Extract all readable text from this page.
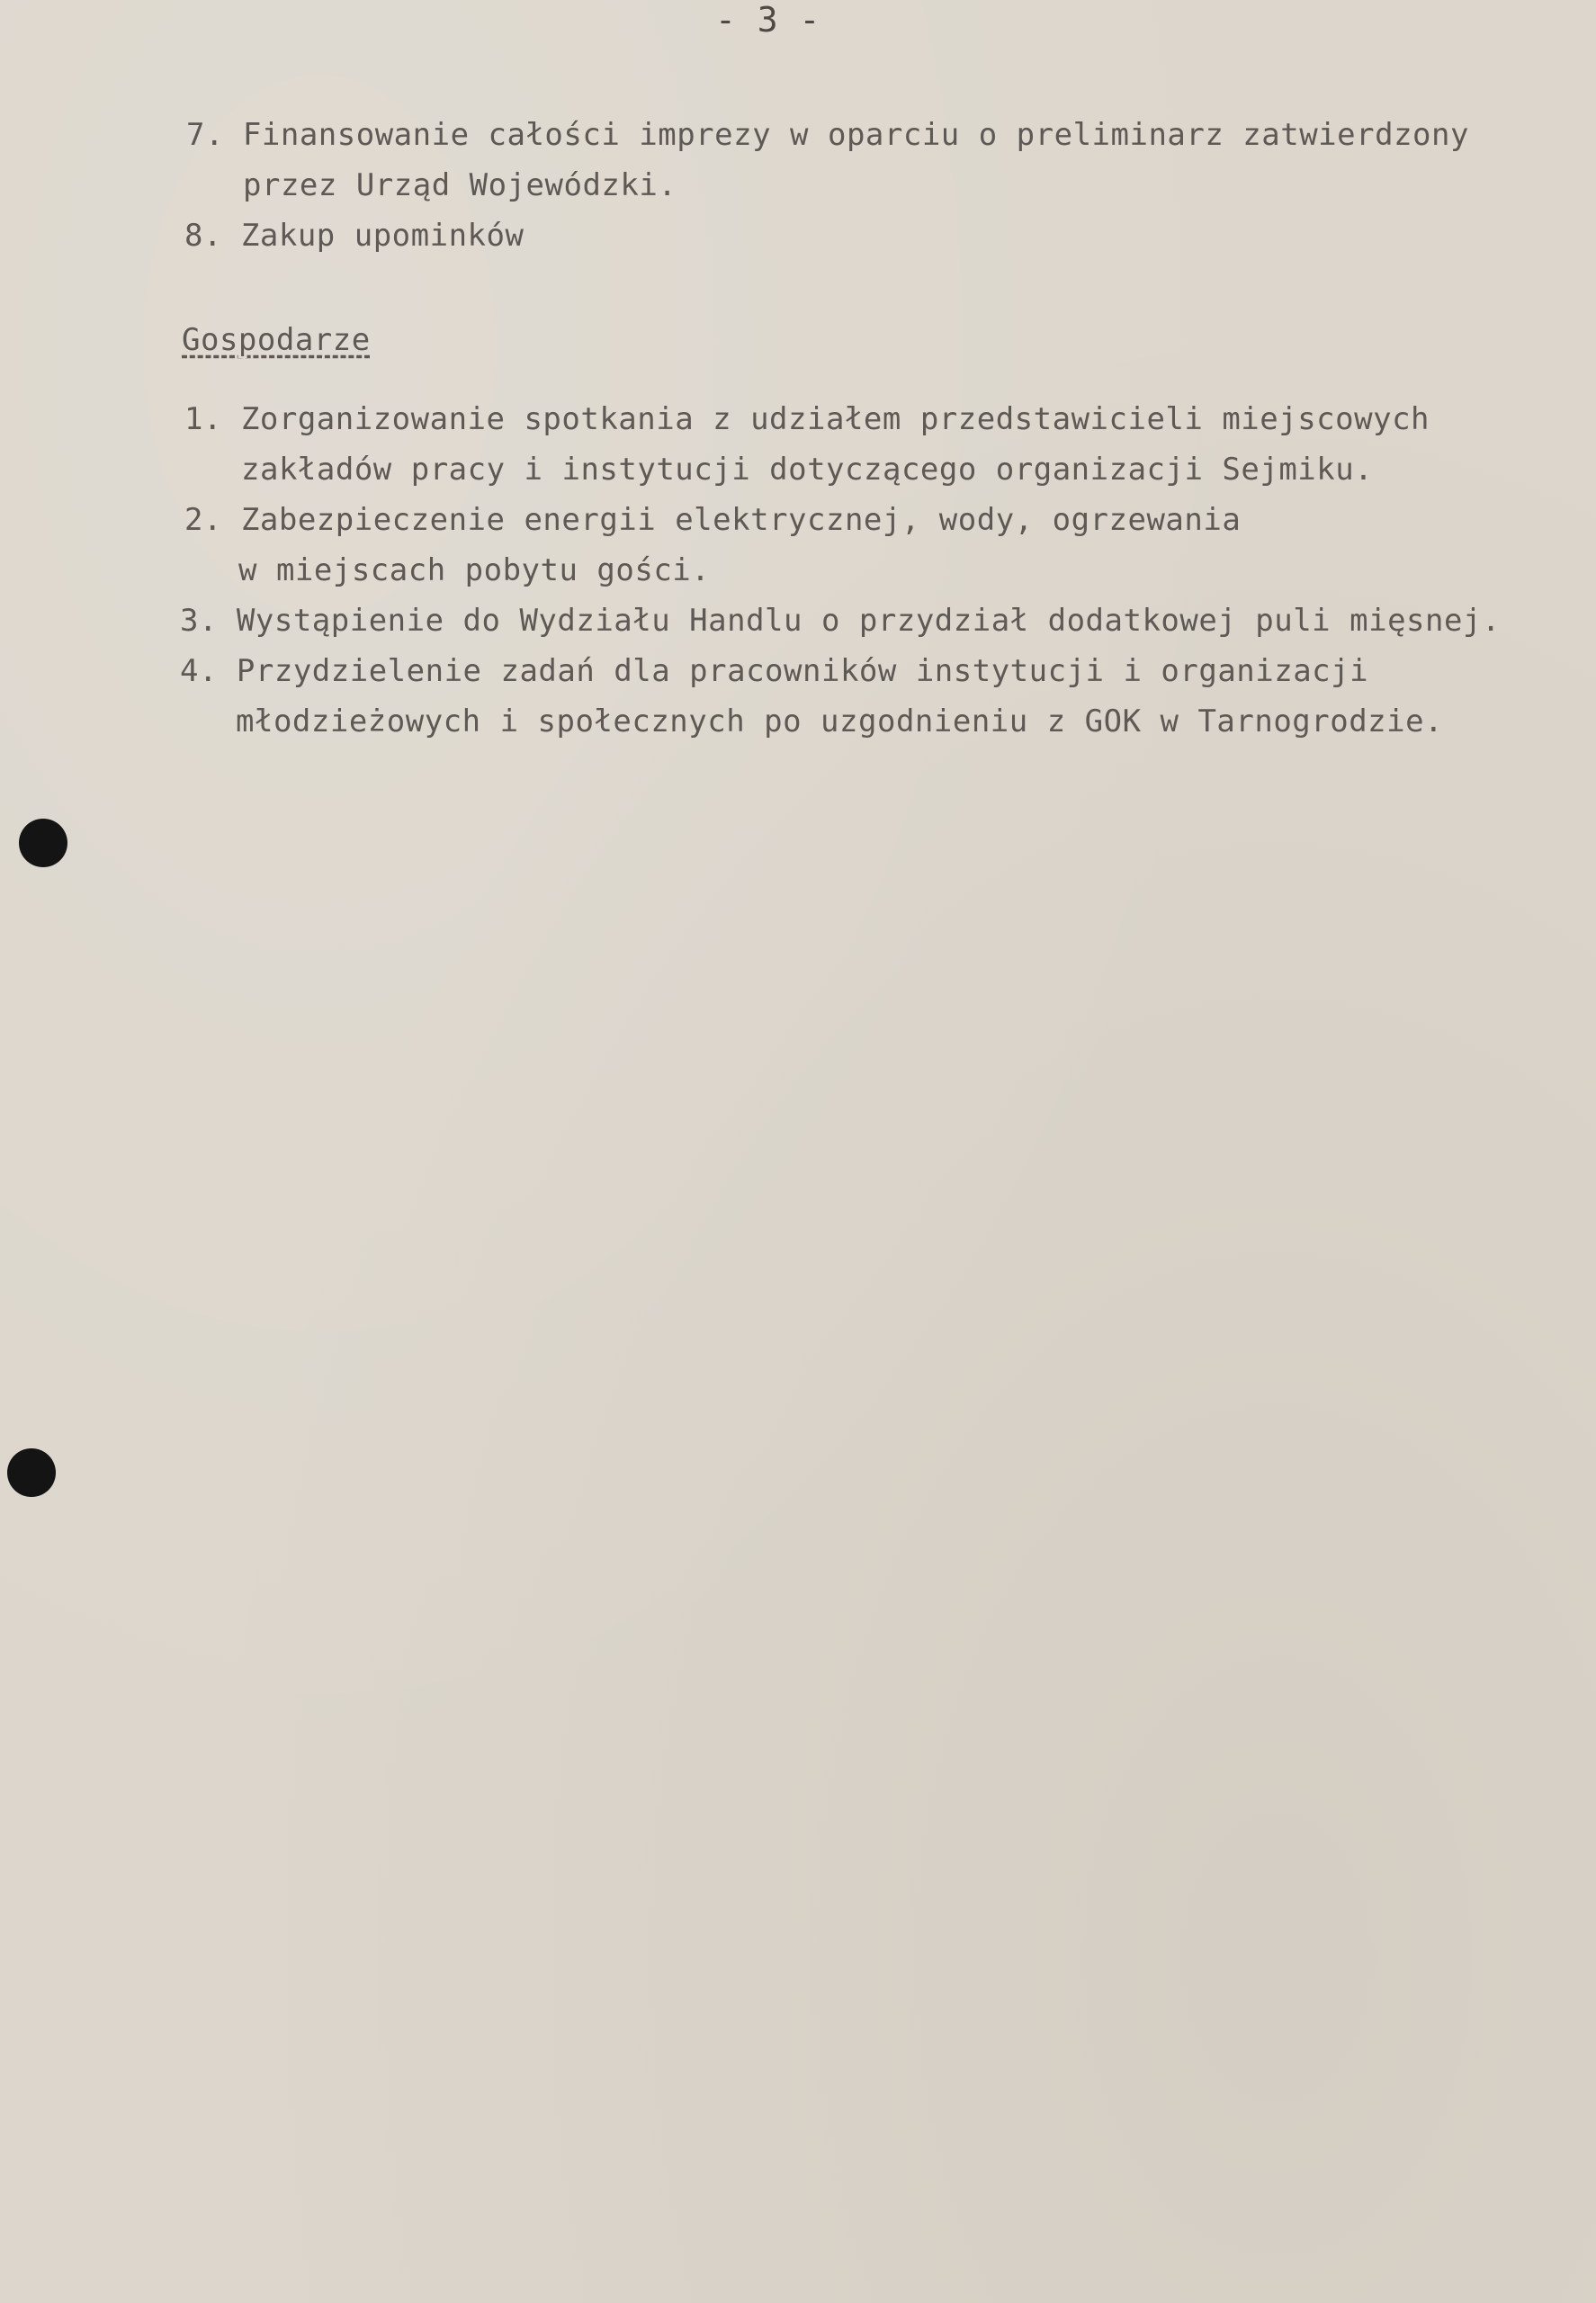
- 3 -

7. Finansowanie całości imprezy w oparciu o preliminarz zatwierdzony

przez Urząd Wojewódzki.

8. Zakup upominków

Gospodarze

1. Zorganizowanie spotkania z udziałem przedstawicieli miejscowych

zakładów pracy i instytucji dotyczącego organizacji Sejmiku.

2. Zabezpieczenie energii elektrycznej, wody, ogrzewania

w miejscach pobytu gości.

3. Wystąpienie do Wydziału Handlu o przydział dodatkowej puli mięsnej.

4. Przydzielenie zadań dla pracowników instytucji i organizacji

młodzieżowych i społecznych po uzgodnieniu z GOK w Tarnogrodzie.
